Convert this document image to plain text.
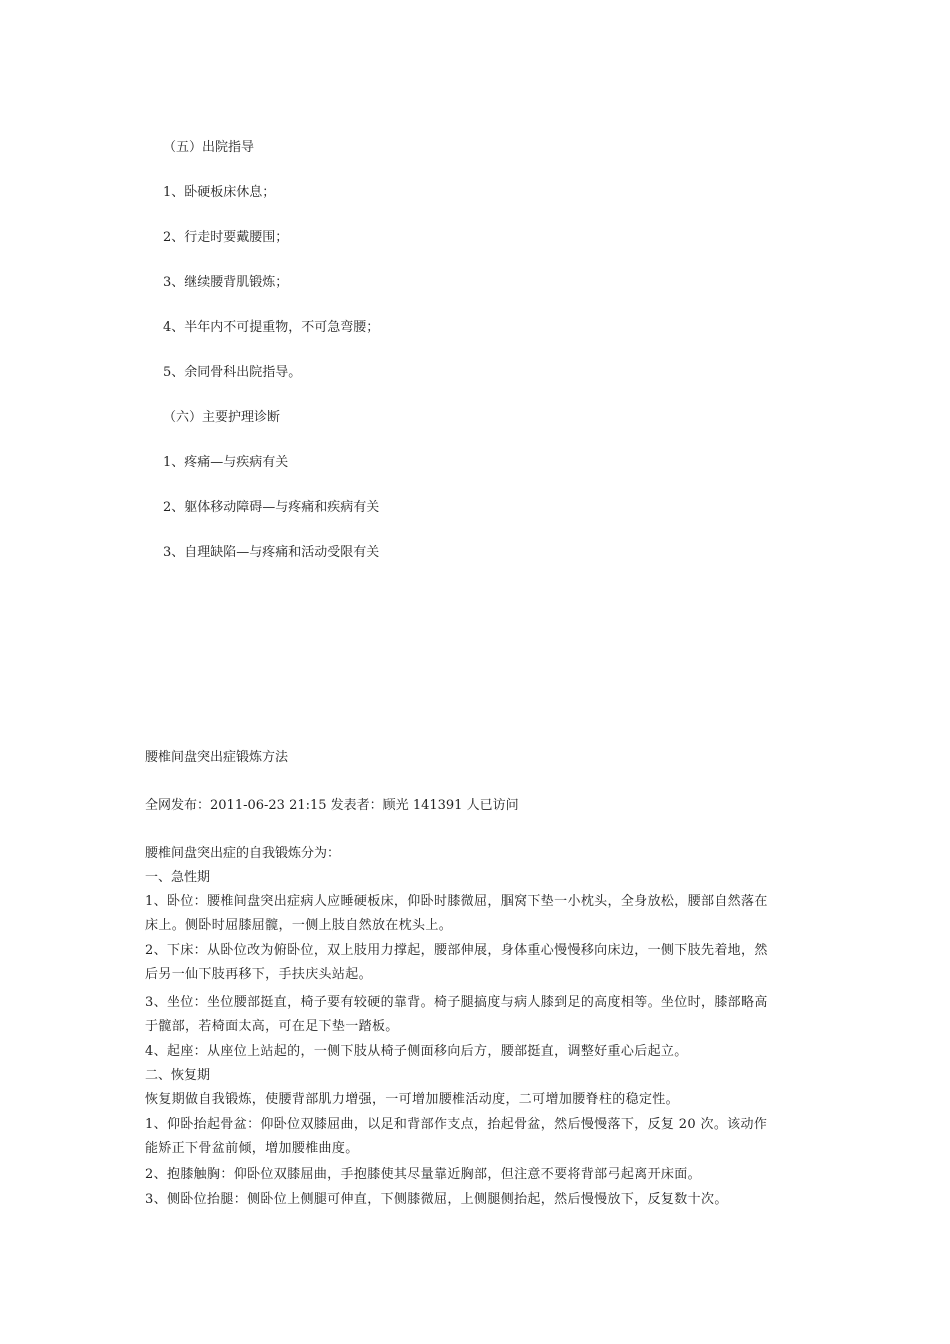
（五）出院指导
1、卧硬板床休息；
2、行走时要戴腰围；
3、继续腰背肌锻炼；
4、半年内不可提重物，不可急弯腰；
5、余同骨科出院指导。
（六）主要护理诊断
1、疼痛—与疾病有关
2、躯体移动障碍—与疼痛和疾病有关
3、自理缺陷—与疼痛和活动受限有关
腰椎间盘突出症锻炼方法
全网发布：2011-06-23 21:15 发表者：顾光 141391 人已访问
腰椎间盘突出症的自我锻炼分为：
一、急性期
1、卧位：腰椎间盘突出症病人应睡硬板床，仰卧时膝微屈，腘窝下垫一小枕头，全身放松，腰部自然落在
床上。侧卧时屈膝屈髋，一侧上肢自然放在枕头上。
2、下床：从卧位改为俯卧位，双上肢用力撑起，腰部伸展，身体重心慢慢移向床边，一侧下肢先着地，然
后另一仙下肢再移下，手扶庆头站起。
3、坐位：坐位腰部挺直，椅子要有较硬的靠背。椅子腿搞度与病人膝到足的高度相等。坐位时，膝部略高
于髋部，若椅面太高，可在足下垫一踏板。
4、起座：从座位上站起的，一侧下肢从椅子侧面移向后方，腰部挺直，调整好重心后起立。
二、恢复期
恢复期做自我锻炼，使腰背部肌力增强，一可增加腰椎活动度，二可增加腰脊柱的稳定性。
1、仰卧抬起骨盆：仰卧位双膝屈曲，以足和背部作支点，抬起骨盆，然后慢慢落下，反复 20 次。该动作
能矫正下骨盆前倾，增加腰椎曲度。
2、抱膝触胸：仰卧位双膝屈曲，手抱膝使其尽量靠近胸部，但注意不要将背部弓起离开床面。
3、侧卧位抬腿：侧卧位上侧腿可伸直，下侧膝微屈，上侧腿侧抬起，然后慢慢放下，反复数十次。
